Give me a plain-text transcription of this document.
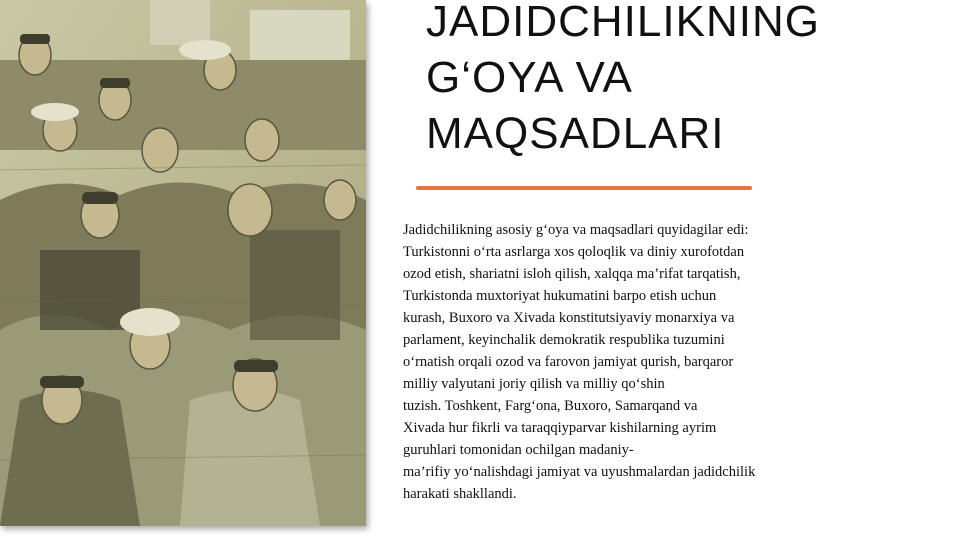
JADIDCHILIKNING
G‘OYA VA
MAQSADLARI
Jadidchilikning asosiy g‘oya va maqsadlari quyidagilar edi:
Turkistonni o‘rta asrlarga xos qoloqlik va diniy xurofotdan
ozod etish, shariatni isloh qilish, xalqqa ma’rifat tarqatish,
Turkistonda muxtoriyat hukumatini barpo etish uchun
kurash, Buxoro va Xivada konstitutsiyaviy monarxiya va
parlament, keyinchalik demokratik respublika tuzumini
o‘rnatish orqali ozod va farovon jamiyat qurish, barqaror
milliy valyutani joriy qilish va milliy qo‘shin
tuzish. Toshkent, Farg‘ona, Buxoro, Samarqand va
Xivada hur fikrli va taraqqiyparvar kishilarning ayrim
guruhlari tomonidan ochilgan madaniy-
ma’rifiy yo‘nalishdagi jamiyat va uyushmalardan jadidchilik
harakati shakllandi.
